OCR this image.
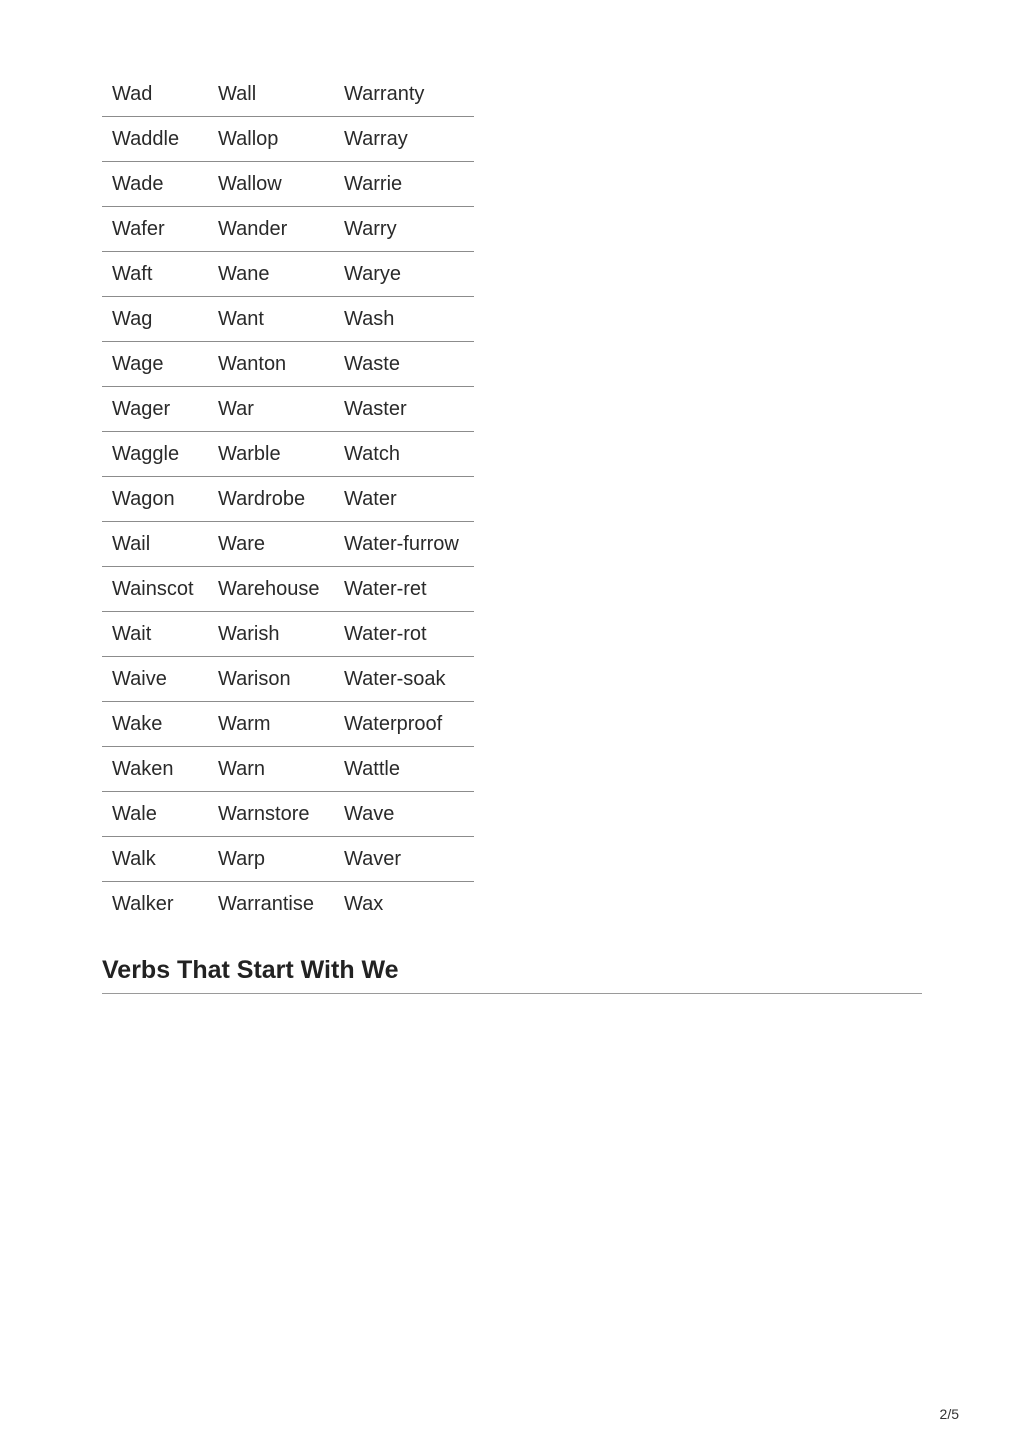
Wad	Wall	Warranty
Waddle	Wallop	Warray
Wade	Wallow	Warrie
Wafer	Wander	Warry
Waft	Wane	Warye
Wag	Want	Wash
Wage	Wanton	Waste
Wager	War	Waster
Waggle	Warble	Watch
Wagon	Wardrobe	Water
Wail	Ware	Water-furrow
Wainscot	Warehouse	Water-ret
Wait	Warish	Water-rot
Waive	Warison	Water-soak
Wake	Warm	Waterproof
Waken	Warn	Wattle
Wale	Warnstore	Wave
Walk	Warp	Waver
Walker	Warrantise	Wax
Verbs That Start With We
2/5
